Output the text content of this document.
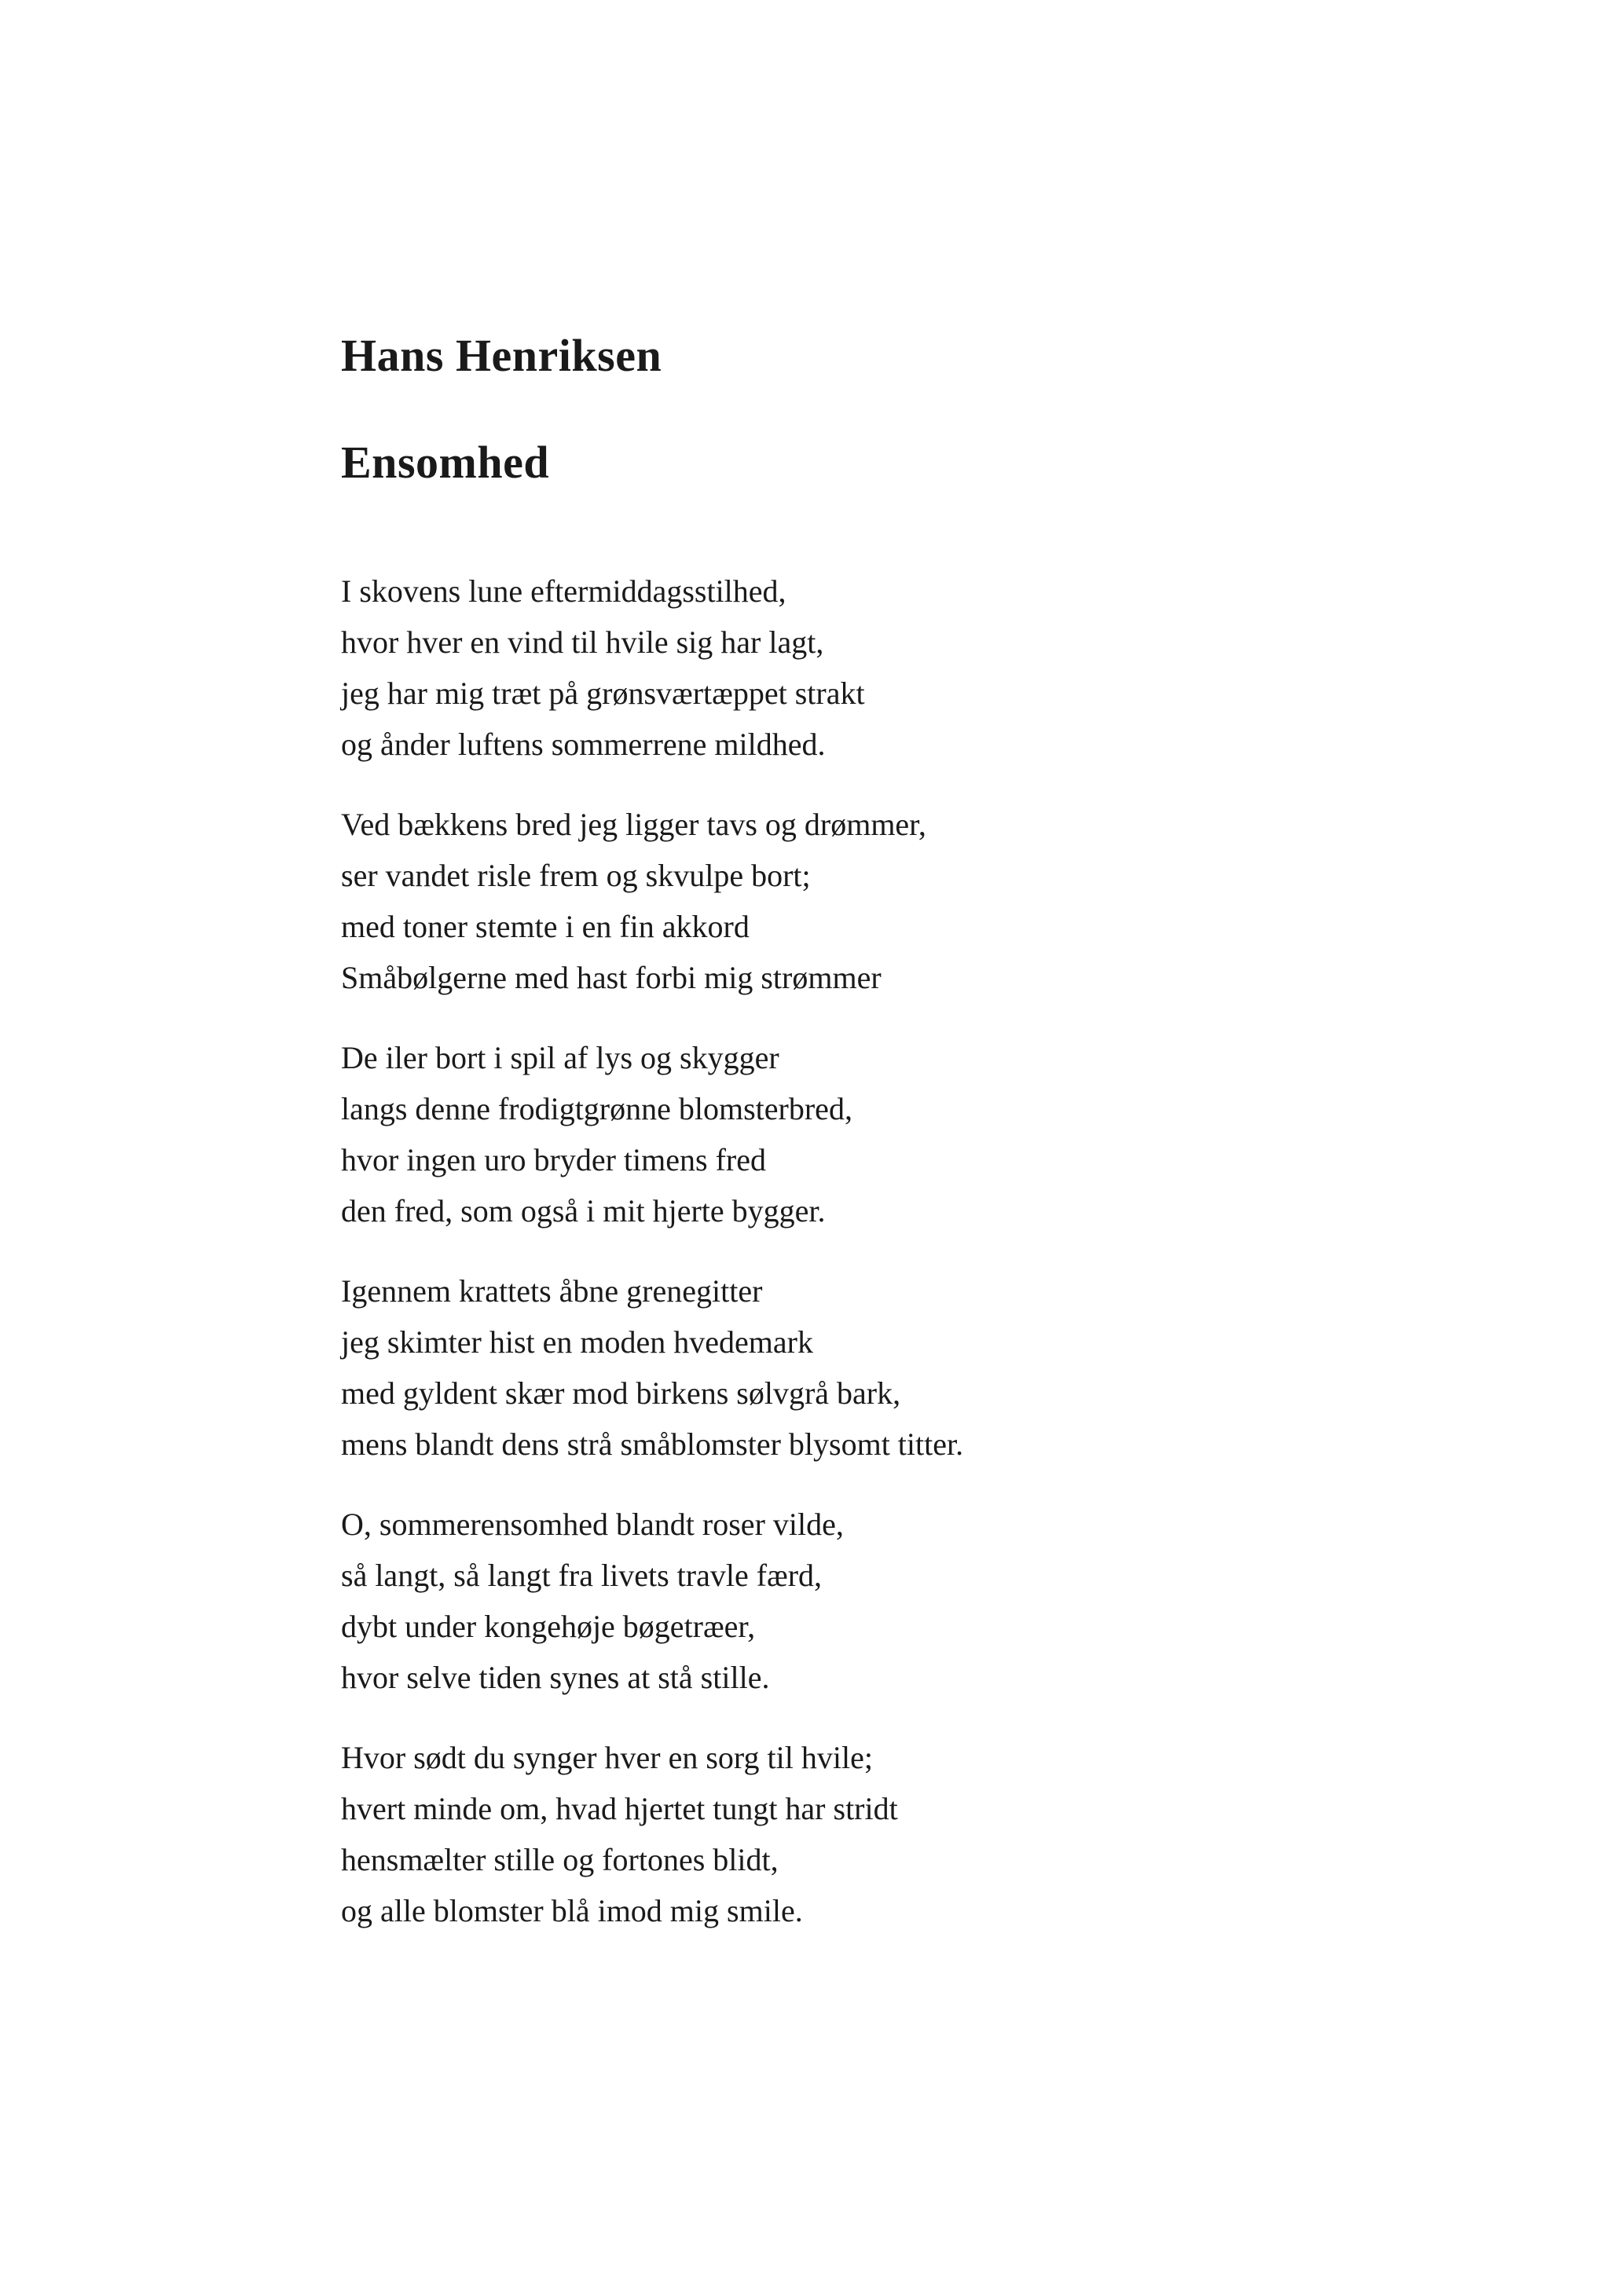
Hans Henriksen
Ensomhed
I skovens lune eftermiddagsstilhed,
hvor hver en vind til hvile sig har lagt,
jeg har mig træt på grønsværtæppet strakt
og ånder luftens sommerrene mildhed.
Ved bækkens bred jeg ligger tavs og drømmer,
ser vandet risle frem og skvulpe bort;
med toner stemte i en fin akkord
Småbølgerne med hast forbi mig strømmer
De iler bort i spil af lys og skygger
langs denne frodigtgrønne blomsterbred,
hvor ingen uro bryder timens fred
den fred, som også i mit hjerte bygger.
Igennem krattets åbne grenegitter
jeg skimter hist en moden hvedemark
med gyldent skær mod birkens sølvgrå bark,
mens blandt dens strå småblomster blysomt titter.
O, sommerensomhed blandt roser vilde,
så langt, så langt fra livets travle færd,
dybt under kongehøje bøgetræer,
hvor selve tiden synes at stå stille.
Hvor sødt du synger hver en sorg til hvile;
hvert minde om, hvad hjertet tungt har stridt
hensmælter stille og fortones blidt,
og alle blomster blå imod mig smile.
